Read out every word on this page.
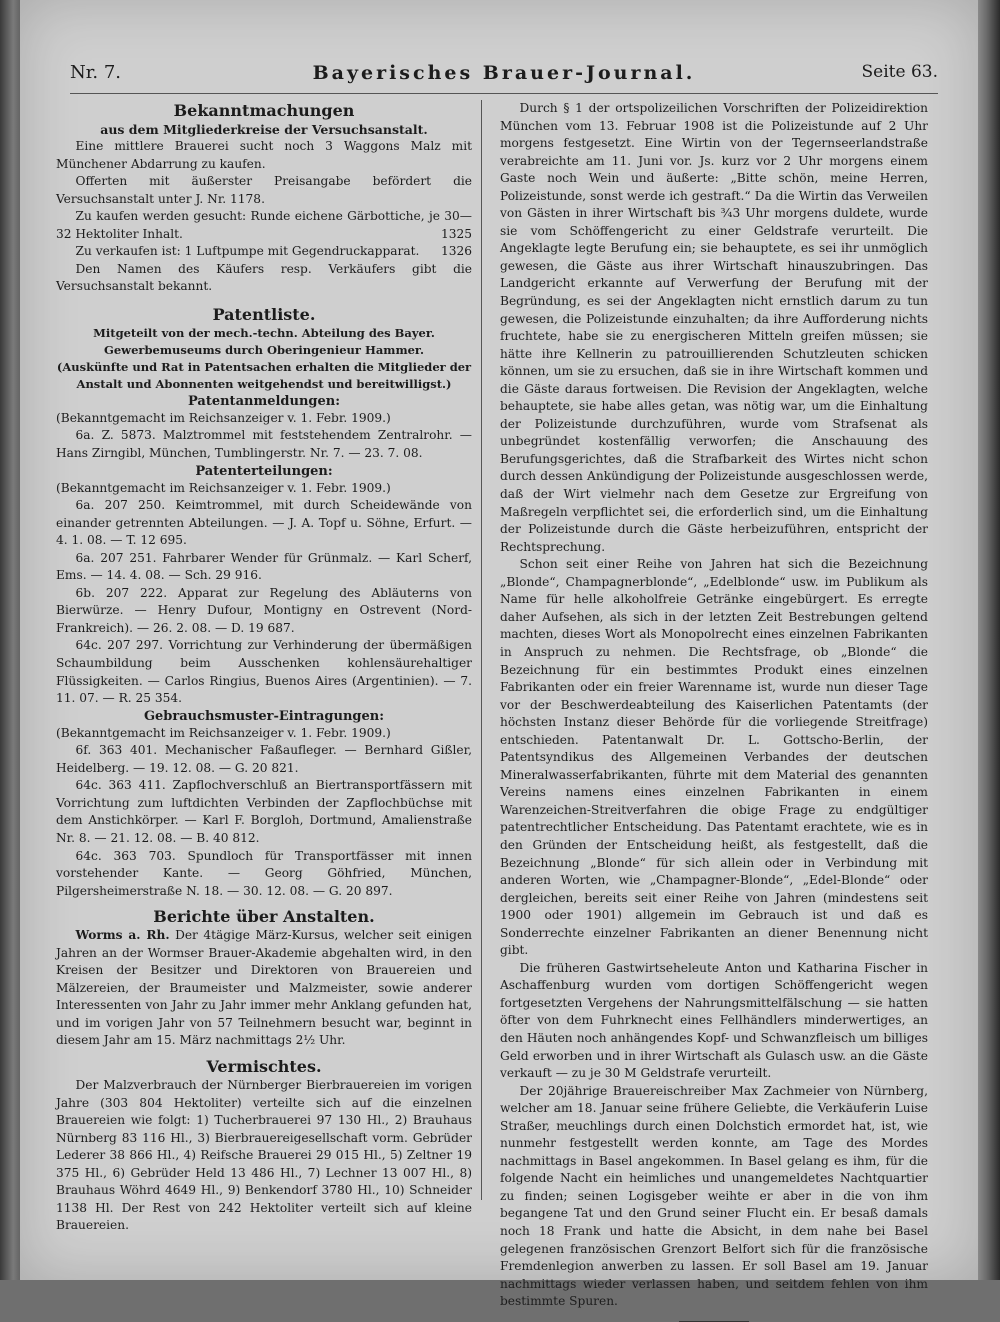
Nr. 7.	Bayerisches Brauer-Journal.	Seite 63.
Bekanntmachungen
aus dem Mitgliederkreise der Versuchsanstalt.

Eine mittlere Brauerei sucht noch 3 Waggons Malz mit Münchener Abdarrung zu kaufen.

Offerten mit äußerster Preisangabe befördert die Versuchsanstalt unter J. Nr. 1178.

Zu kaufen werden gesucht: Runde eichene Gärbottiche, je 30—32 Hektoliter Inhalt.	1325

Zu verkaufen ist: 1 Luftpumpe mit Gegendruckapparat.	1326

Den Namen des Käufers resp. Verkäufers gibt die Versuchsanstalt bekannt.

Patentliste.
Mitgeteilt von der mech.-techn. Abteilung des Bayer. Gewerbemuseums durch Oberingenieur Hammer.
(Auskünfte und Rat in Patentsachen erhalten die Mitglieder der Anstalt und Abonnenten weitgehendst und bereitwilligst.)
Patentanmeldungen:

(Bekanntgemacht im Reichsanzeiger v. 1. Febr. 1909.)

6a. Z. 5873. Malztrommel mit feststehendem Zentralrohr. — Hans Zirngibl, München, Tumblingerstr. Nr. 7. — 23. 7. 08.

Patenterteilungen:

(Bekanntgemacht im Reichsanzeiger v. 1. Febr. 1909.)

6a. 207 250. Keimtrommel, mit durch Scheidewände von einander getrennten Abteilungen. — J. A. Topf u. Söhne, Erfurt. — 4. 1. 08. — T. 12 695.

6a. 207 251. Fahrbarer Wender für Grünmalz. — Karl Scherf, Ems. — 14. 4. 08. — Sch. 29 916.

6b. 207 222. Apparat zur Regelung des Abläuterns von Bierwürze. — Henry Dufour, Montigny en Ostrevent (Nord-Frankreich). — 26. 2. 08. — D. 19 687.

64c. 207 297. Vorrichtung zur Verhinderung der übermäßigen Schaumbildung beim Ausschenken kohlensäurehaltiger Flüssigkeiten. — Carlos Ringius, Buenos Aires (Argentinien). — 7. 11. 07. — R. 25 354.

Gebrauchsmuster-Eintragungen:

(Bekanntgemacht im Reichsanzeiger v. 1. Febr. 1909.)

6f. 363 401. Mechanischer Faßaufleger. — Bernhard Gißler, Heidelberg. — 19. 12. 08. — G. 20 821.

64c. 363 411. Zapflochverschluß an Biertransportfässern mit Vorrichtung zum luftdichten Verbinden der Zapflochbüchse mit dem Anstichkörper. — Karl F. Borgloh, Dortmund, Amalienstraße Nr. 8. — 21. 12. 08. — B. 40 812.

64c. 363 703. Spundloch für Transportfässer mit innen vorstehender Kante. — Georg Göhfried, München, Pilgersheimerstraße N. 18. — 30. 12. 08. — G. 20 897.

Berichte über Anstalten.

Worms a. Rh. Der 4tägige März-Kursus, welcher seit einigen Jahren an der Wormser Brauer-Akademie abgehalten wird, in den Kreisen der Besitzer und Direktoren von Brauereien und Mälzereien, der Braumeister und Malzmeister, sowie anderer Interessenten von Jahr zu Jahr immer mehr Anklang gefunden hat, und im vorigen Jahr von 57 Teilnehmern besucht war, beginnt in diesem Jahr am 15. März nachmittags 2½ Uhr.

Vermischtes.

Der Malzverbrauch der Nürnberger Bierbrauereien im vorigen Jahre (303 804 Hektoliter) verteilte sich auf die einzelnen Brauereien wie folgt: 1) Tucherbrauerei 97 130 Hl., 2) Brauhaus Nürnberg 83 116 Hl., 3) Bierbrauereigesellschaft vorm. Gebrüder Lederer 38 866 Hl., 4) Reifsche Brauerei 29 015 Hl., 5) Zeltner 19 375 Hl., 6) Gebrüder Held 13 486 Hl., 7) Lechner 13 007 Hl., 8) Brauhaus Wöhrd 4649 Hl., 9) Benkendorf 3780 Hl., 10) Schneider 1138 Hl. Der Rest von 242 Hektoliter verteilt sich auf kleine Brauereien.

Durch § 1 der ortspolizeilichen Vorschriften der Polizeidirektion München vom 13. Februar 1908 ist die Polizeistunde auf 2 Uhr morgens festgesetzt. Eine Wirtin von der Tegernseerlandstraße verabreichte am 11. Juni vor. Js. kurz vor 2 Uhr morgens einem Gaste noch Wein und äußerte: „Bitte schön, meine Herren, Polizeistunde, sonst werde ich gestraft.“ Da die Wirtin das Verweilen von Gästen in ihrer Wirtschaft bis ¾3 Uhr morgens duldete, wurde sie vom Schöffengericht zu einer Geldstrafe verurteilt. Die Angeklagte legte Berufung ein; sie behauptete, es sei ihr unmöglich gewesen, die Gäste aus ihrer Wirtschaft hinauszubringen. Das Landgericht erkannte auf Verwerfung der Berufung mit der Begründung, es sei der Angeklagten nicht ernstlich darum zu tun gewesen, die Polizeistunde einzuhalten; da ihre Aufforderung nichts fruchtete, habe sie zu energischeren Mitteln greifen müssen; sie hätte ihre Kellnerin zu patrouillierenden Schutzleuten schicken können, um sie zu ersuchen, daß sie in ihre Wirtschaft kommen und die Gäste daraus fortweisen. Die Revision der Angeklagten, welche behauptete, sie habe alles getan, was nötig war, um die Einhaltung der Polizeistunde durchzuführen, wurde vom Strafsenat als unbegründet kostenfällig verworfen; die Anschauung des Berufungsgerichtes, daß die Strafbarkeit des Wirtes nicht schon durch dessen Ankündigung der Polizeistunde ausgeschlossen werde, daß der Wirt vielmehr nach dem Gesetze zur Ergreifung von Maßregeln verpflichtet sei, die erforderlich sind, um die Einhaltung der Polizeistunde durch die Gäste herbeizuführen, entspricht der Rechtsprechung.

Schon seit einer Reihe von Jahren hat sich die Bezeichnung „Blonde“, Champagnerblonde“, „Edelblonde“ usw. im Publikum als Name für helle alkoholfreie Getränke eingebürgert. Es erregte daher Aufsehen, als sich in der letzten Zeit Bestrebungen geltend machten, dieses Wort als Monopolrecht eines einzelnen Fabrikanten in Anspruch zu nehmen. Die Rechtsfrage, ob „Blonde“ die Bezeichnung für ein bestimmtes Produkt eines einzelnen Fabrikanten oder ein freier Warenname ist, wurde nun dieser Tage vor der Beschwerdeabteilung des Kaiserlichen Patentamts (der höchsten Instanz dieser Behörde für die vorliegende Streitfrage) entschieden. Patentanwalt Dr. L. Gottscho-Berlin, der Patentsyndikus des Allgemeinen Verbandes der deutschen Mineralwasserfabrikanten, führte mit dem Material des genannten Vereins namens eines einzelnen Fabrikanten in einem Warenzeichen-Streitverfahren die obige Frage zu endgültiger patentrechtlicher Entscheidung. Das Patentamt erachtete, wie es in den Gründen der Entscheidung heißt, als festgestellt, daß die Bezeichnung „Blonde“ für sich allein oder in Verbindung mit anderen Worten, wie „Champagner-Blonde“, „Edel-Blonde“ oder dergleichen, bereits seit einer Reihe von Jahren (mindestens seit 1900 oder 1901) allgemein im Gebrauch ist und daß es Sonderrechte einzelner Fabrikanten an diener Benennung nicht gibt.

Die früheren Gastwirtseheleute Anton und Katharina Fischer in Aschaffenburg wurden vom dortigen Schöffengericht wegen fortgesetzten Vergehens der Nahrungsmittelfälschung — sie hatten öfter von dem Fuhrknecht eines Fellhändlers minderwertiges, an den Häuten noch anhängendes Kopf- und Schwanzfleisch um billiges Geld erworben und in ihrer Wirtschaft als Gulasch usw. an die Gäste verkauft — zu je 30 M Geldstrafe verurteilt.

Der 20jährige Brauereischreiber Max Zachmeier von Nürnberg, welcher am 18. Januar seine frühere Geliebte, die Verkäuferin Luise Straßer, meuchlings durch einen Dolchstich ermordet hat, ist, wie nunmehr festgestellt werden konnte, am Tage des Mordes nachmittags in Basel angekommen. In Basel gelang es ihm, für die folgende Nacht ein heimliches und unangemeldetes Nachtquartier zu finden; seinen Logisgeber weihte er aber in die von ihm begangene Tat und den Grund seiner Flucht ein. Er besaß damals noch 18 Frank und hatte die Absicht, in dem nahe bei Basel gelegenen französischen Grenzort Belfort sich für die französische Fremdenlegion anwerben zu lassen. Er soll Basel am 19. Januar nachmittags wieder verlassen haben, und seitdem fehlen von ihm bestimmte Spuren.
